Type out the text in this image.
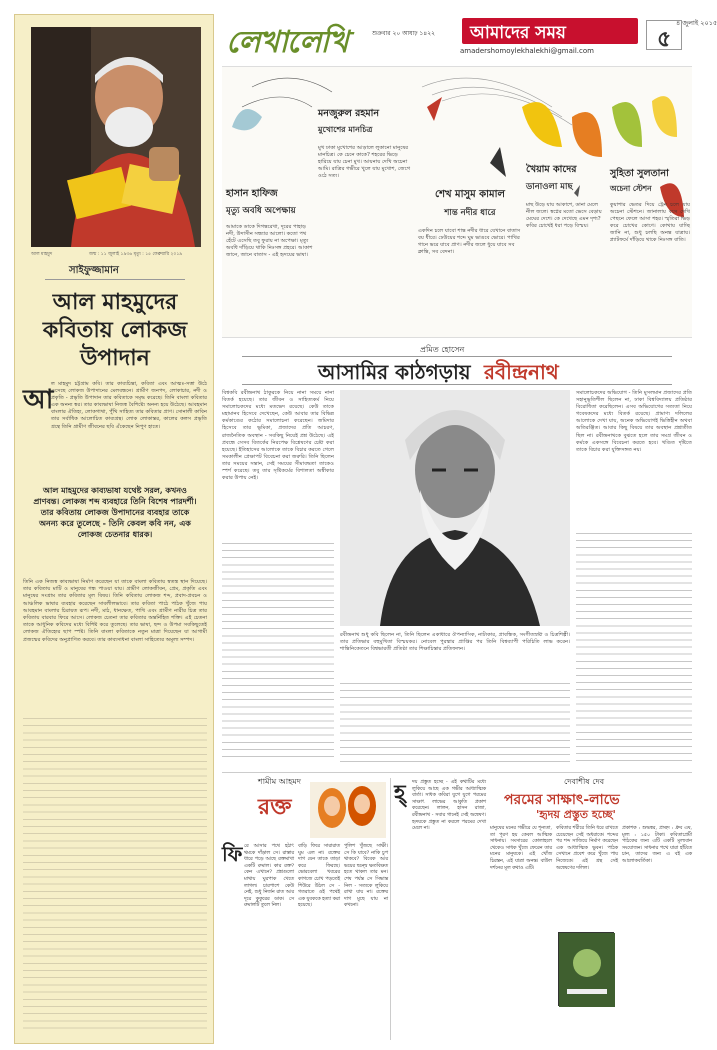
লেখালেখি
৪ জুলাই ২০১৫
আমাদের সময়
শুক্রবার ২০ আষাঢ় ১৪২২
amadershomoylekhalekhi@gmail.com	৫
আল মাহমুদ	জন্ম : ১১ জুলাই ১৯৩৬ মৃত্যু : ১৫ ফেব্রুয়ারি ২০১৯
সাইফুজ্জামান
আল মাহমুদের
কবিতায় লোকজ
উপাদান
আ
ল মাহমুদ চট্টগ্রাম কবি। তার কাব্যচিন্তা, কবিতা এবং আত্মঃ-সত্তা উঠে এসেছে লোকজ উপাদানের মেলবন্ধনে। গ্রামীণ জনপদ, লোকাচার, নদী ও প্রকৃতি - প্রভৃতি উপাদান তার কবিতাকে সমৃদ্ধ করেছে। তিনি বাংলা কবিতার এক অনন্য স্বর। তার কাব্যভাষা নিজস্ব বৈশিষ্ট্যে অনন্য হয়ে উঠেছে। আবহমান বাংলার ঐতিহ্য, লোকগাথা, পুঁথি সাহিত্য তার কবিতার প্রাণ। সোনালী কাবিন তার সর্বাধিক আলোচিত কাব্যগ্রন্থ। লোক লোকান্তর, কালের কলস প্রভৃতি গ্রন্থে তিনি গ্রামীণ জীবনের ছবি এঁকেছেন নিপুণ হাতে।
আল মাহমুদের কাব্যভাষা যথেষ্ট সরল, কখনও প্রাণবন্ত। লোকজ শব্দ ব্যবহারে তিনি বিশেষ পারদর্শী। তার কবিতায় লোকজ উপাদানের ব্যবহার তাকে অনন্য করে তুলেছে - তিনি কেবল কবি নন, এক লোকজ চেতনার ধারক।
তিনি এক নিজস্ব কাব্যভাষা নির্মাণ করেছেন যা তাকে বাংলা কবিতায় স্বতন্ত্র স্থান দিয়েছে। তার কবিতায় মাটি ও মানুষের গন্ধ পাওয়া যায়। গ্রামীণ লোকজীবন, প্রেম, প্রকৃতি এবং মানুষের সংগ্রাম তার কবিতার মূল বিষয়। তিনি কবিতায় লোকজ শব্দ, প্রবাদ-প্রবচন ও আঞ্চলিক ভাষার ব্যবহার করেছেন সাবলীলভাবে। তার কবিতা পাঠে পাঠক খুঁজে পায় আবহমান বাংলার চিরায়ত রূপ। নদী, মাঠ, ধানক্ষেত, পাখি এবং গ্রামীণ নারীর চিত্র তার কবিতায় বারবার ফিরে আসে। লোকজ চেতনা তার কবিতার অন্তর্নিহিত শক্তি। এই চেতনা তাকে আধুনিক কবিদের মধ্যে বিশিষ্ট করে তুলেছে। তার ভাষা, ছন্দ ও উপমা সবকিছুতেই লোকজ ঐতিহ্যের ছাপ স্পষ্ট। তিনি বাংলা কবিতাকে নতুন মাত্রা দিয়েছেন যা আগামী প্রজন্মের কবিদের অনুপ্রাণিত করবে। তার কাব্যসাধনা বাংলা সাহিত্যের অমূল্য সম্পদ।
হাসান হাফিজ
মৃত্যু অবধি অপেক্ষায়
আমাকে ডাকে দিগন্তরেখা, দূরের পাহাড় নদী, উদাসীন সন্ধ্যার আলো। কতো পথ হেঁটে এসেছি তবু ফুরায় না অপেক্ষা। মৃত্যু অবধি দাঁড়িয়ে থাকি নিঃসঙ্গ প্রহরে। আকাশ জানে, জানে বাতাস - এই হৃদয়ের ভাষা।
মনজুরুল রহমান
মুখোশের মানচিত্র
মুখ ঢাকা মুখোশের আড়ালে লুকানো মানুষের মানচিত্র। কে চেনে কাকে? শহরের ভিড়ে হারিয়ে যায় চেনা মুখ। আয়নায় দেখি অচেনা আমি। রাত্রির গভীরে খুলে যায় মুখোশ, জেগে ওঠে সত্য।
শেখ মাসুম কামাল
শান্ত নদীর ধারে
একদিন চলে যাবো শান্ত নদীর ধারে যেখানে বাতাস বয় ধীরে। ঢেউয়ের শব্দে ঘুম ভাঙবে ভোরে। পাখির গানে ভরে যাবে প্রাণ। নদীর জলে ধুয়ে যাবে সব ক্লান্তি, সব বেদনা।
খৈয়াম কাদের
ডানাওলা মাছ
মাছ উড়ে যায় আকাশে, ডানা মেলে নীল জলে। স্বপ্নের মতো ভেসে বেড়ায় মেঘের দেশে। কে দেখেছে এমন দৃশ্য? কবির চোখেই ধরা পড়ে বিস্ময়।
সুহিতা সুলতানা
অচেনা স্টেশন
কুয়াশার ভেতর দিয়ে ট্রেন চলে যায় অচেনা স্টেশনে। জানালায় বসে দেখি পেছনে ফেলে আসা শহর। স্মৃতিরা ভিড় করে চোখের কোণে। কোথায় যাচ্ছি জানি না, শুধু চলছি অনন্ত যাত্রায়। প্ল্যাটফর্মে দাঁড়িয়ে থাকে নিঃসঙ্গ বাতি।
প্রমিত হোসেন
আসামির কাঠগড়ায় রবীন্দ্রনাথ
বিশ্বকবি রবীন্দ্রনাথ ঠাকুরকে নিয়ে নানা সময়ে নানা বিতর্ক হয়েছে। তার জীবন ও সাহিত্যকর্ম নিয়ে সমালোচকদের মধ্যে মতভেদ রয়েছে। কেউ তাকে মহামানব হিসেবে দেখেছেন, কেউ আবার তার বিভিন্ন কর্মকাণ্ডের কঠোর সমালোচনা করেছেন। জমিদার হিসেবে তার ভূমিকা, প্রজাদের প্রতি আচরণ, রাজনৈতিক অবস্থান - সবকিছু নিয়েই প্রশ্ন উঠেছে। এই প্রবন্ধে সেসব বিতর্কের নিরপেক্ষ বিশ্লেষণের চেষ্টা করা হয়েছে। ইতিহাসের আলোকে তাকে বিচার করতে গেলে সমকালীন প্রেক্ষাপট বিবেচনা করা জরুরি। তিনি ছিলেন তার সময়ের সন্তান, সেই সময়ের সীমাবদ্ধতা তাকেও স্পর্শ করেছে। তবু তার সৃষ্টিকর্মের বিশালতা অস্বীকার করার উপায় নেই।
রবীন্দ্রনাথ শুধু কবি ছিলেন না, তিনি ছিলেন একাধারে ঔপন্যাসিক, নাট্যকার, প্রাবন্ধিক, সংগীতস্রষ্টা ও চিত্রশিল্পী। তার প্রতিভার বহুমুখিতা বিস্ময়কর। নোবেল পুরস্কার প্রাপ্তির পর তিনি বিশ্বব্যাপী পরিচিতি লাভ করেন। শান্তিনিকেতনে বিশ্বভারতী প্রতিষ্ঠা তার শিক্ষাচিন্তার প্রতিফলন।
সমালোচকদের অভিযোগ - তিনি মুসলমান প্রজাদের প্রতি সহানুভূতিশীল ছিলেন না, ঢাকা বিশ্ববিদ্যালয় প্রতিষ্ঠার বিরোধিতা করেছিলেন। এসব অভিযোগের সত্যতা নিয়ে গবেষকদের মধ্যে বিতর্ক রয়েছে। প্রামাণ্য দলিলের আলোকে দেখা যায়, অনেক অভিযোগই ভিত্তিহীন অথবা অতিরঞ্জিত। আবার কিছু বিষয়ে তার অবস্থান প্রশ্নাতীত ছিল না। রবীন্দ্রনাথকে বুঝতে হলে তার সমগ্র জীবন ও কর্মকে একসঙ্গে বিবেচনা করতে হবে। খণ্ডিত দৃষ্টিতে তাকে বিচার করা যুক্তিসঙ্গত নয়।
শামীম আহমদ
রক্ত
ফি রে আসার পথে হঠাৎ থমকে দাঁড়াল সে। রাস্তার ধারে পড়ে আছে রক্তমাখা একটি রুমাল। কার রক্ত? কেন এখানে? প্রশ্নগুলো মাথায় ঘুরপাক খেতে লাগল। চারপাশে কেউ নেই, শুধু নির্জন রাত আর দূরে কুকুরের ডাক। সে রুমালটি তুলে নিল।
বাড়ি ফিরে সারারাত ঘুম এল না। রক্তের দাগ যেন তাকে তাড়া করে ফিরছে। ভোরবেলা খবরের কাগজে চোখ পড়তেই শিউরে উঠল সে - গতরাতে ওই পথেই এক যুবককে হত্যা করা হয়েছে।
পুলিশ খুঁজছে সাক্ষী। সে কি যাবে? নাকি চুপ থাকবে? বিবেক আর ভয়ের দ্বন্দ্বে ক্ষতবিক্ষত হতে থাকল তার মন। শেষ পর্যন্ত সে সিদ্ধান্ত নিল - সত্যকে লুকিয়ে রাখা যায় না। রক্তের দাগ মুছে যায় না কখনো।
দেবাশীষ দেব
পরমের সাক্ষাৎ-লাভে
'হৃদয় প্রস্তুত হচ্ছে'
হ্ দয় প্রস্তুত হচ্ছে - এই কথাটির মধ্যে লুকিয়ে আছে এক গভীর আধ্যাত্মিক বার্তা। সাধক কবিরা যুগে যুগে পরমের সাক্ষাৎ লাভের আকুতি প্রকাশ করেছেন। লালন, হাসন রাজা, রবীন্দ্রনাথ - সবার গানেই সেই অন্বেষণ। হৃদয়কে প্রস্তুত না করলে পরমের দেখা মেলে না।	মানুষের মনের গভীরে যে শূন্যতা, তা পূরণ হয় কেবল আত্মিক সাধনায়। সংসারের কোলাহলে থেকেও সাধক খুঁজে ফেরেন তার মনের মানুষকে। এই খোঁজ চিরন্তন, এই যাত্রা অনন্ত। বাউল দর্শনের মূল কথাও এটি।
কবিতার শরীরে তিনি ধরে রাখতে চেয়েছেন সেই অধরাকে। শব্দের পর শব্দ সাজিয়ে নির্মাণ করেছেন এক আধ্যাত্মিক ভুবন। পাঠক সেখানে প্রবেশ করে খুঁজে পায় নিজেকে। এই গ্রন্থ সেই অন্বেষণের দলিল।
প্রকাশক : শুদ্ধস্বর, প্রচ্ছদ : ধ্রুব এষ, মূল্য : ১৫০ টাকা। কবিতাপ্রেমী পাঠকের জন্য এটি একটি মূল্যবান সংযোজন। সাধনার পথে যারা হাঁটতে চান, তাদের জন্য এ বই এক আলোকবর্তিকা।
